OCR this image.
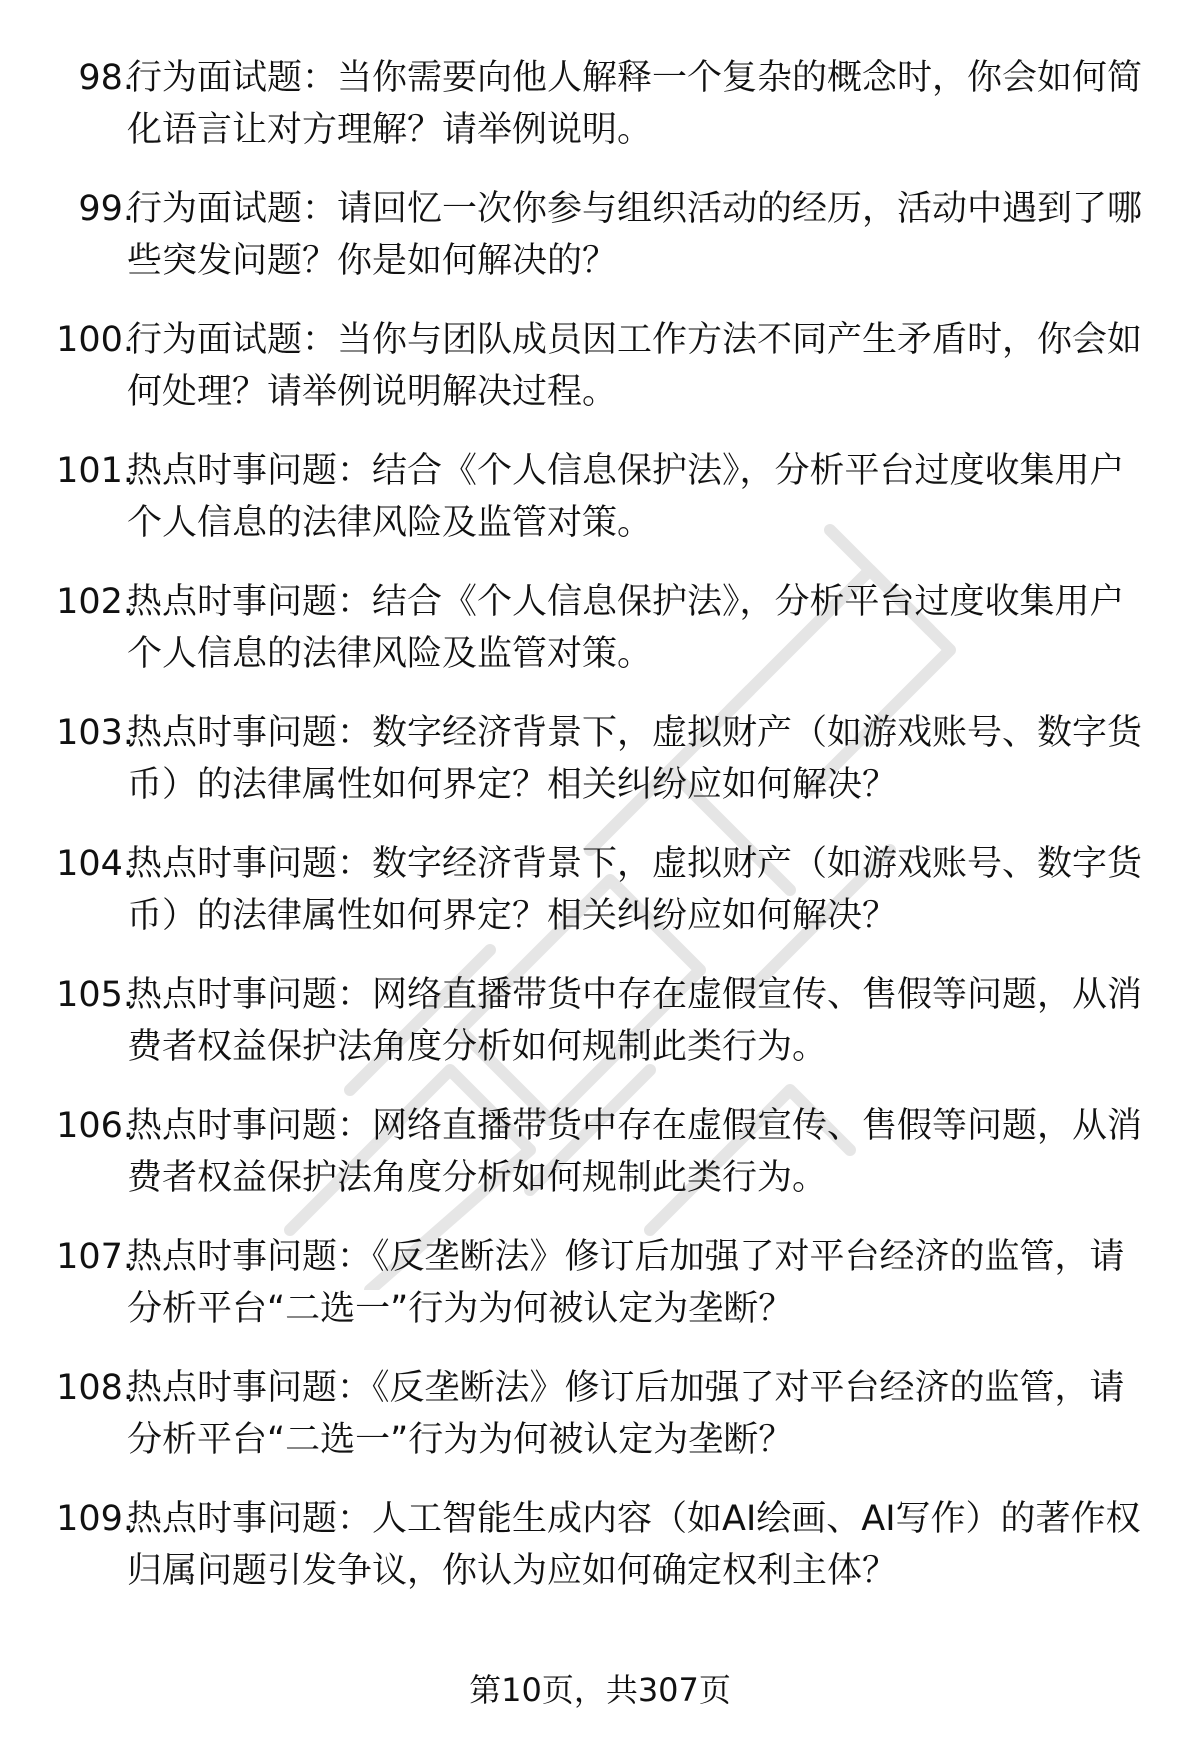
98.
行为面试题：当你需要向他人解释一个复杂的概念时，你会如何简化语言让对方理解？请举例说明。
99.
行为面试题：请回忆一次你参与组织活动的经历，活动中遇到了哪些突发问题？你是如何解决的？
100.
行为面试题：当你与团队成员因工作方法不同产生矛盾时，你会如何处理？请举例说明解决过程。
101.
热点时事问题：结合《个人信息保护法》，分析平台过度收集用户个人信息的法律风险及监管对策。
102.
热点时事问题：结合《个人信息保护法》，分析平台过度收集用户个人信息的法律风险及监管对策。
103.
热点时事问题：数字经济背景下，虚拟财产（如游戏账号、数字货币）的法律属性如何界定？相关纠纷应如何解决？
104.
热点时事问题：数字经济背景下，虚拟财产（如游戏账号、数字货币）的法律属性如何界定？相关纠纷应如何解决？
105.
热点时事问题：网络直播带货中存在虚假宣传、售假等问题，从消费者权益保护法角度分析如何规制此类行为。
106.
热点时事问题：网络直播带货中存在虚假宣传、售假等问题，从消费者权益保护法角度分析如何规制此类行为。
107.
热点时事问题：《反垄断法》修订后加强了对平台经济的监管，请分析平台“二选一”行为为何被认定为垄断？
108.
热点时事问题：《反垄断法》修订后加强了对平台经济的监管，请分析平台“二选一”行为为何被认定为垄断？
109.
热点时事问题：人工智能生成内容（如AI绘画、AI写作）的著作权归属问题引发争议，你认为应如何确定权利主体？
第10页，共307页
